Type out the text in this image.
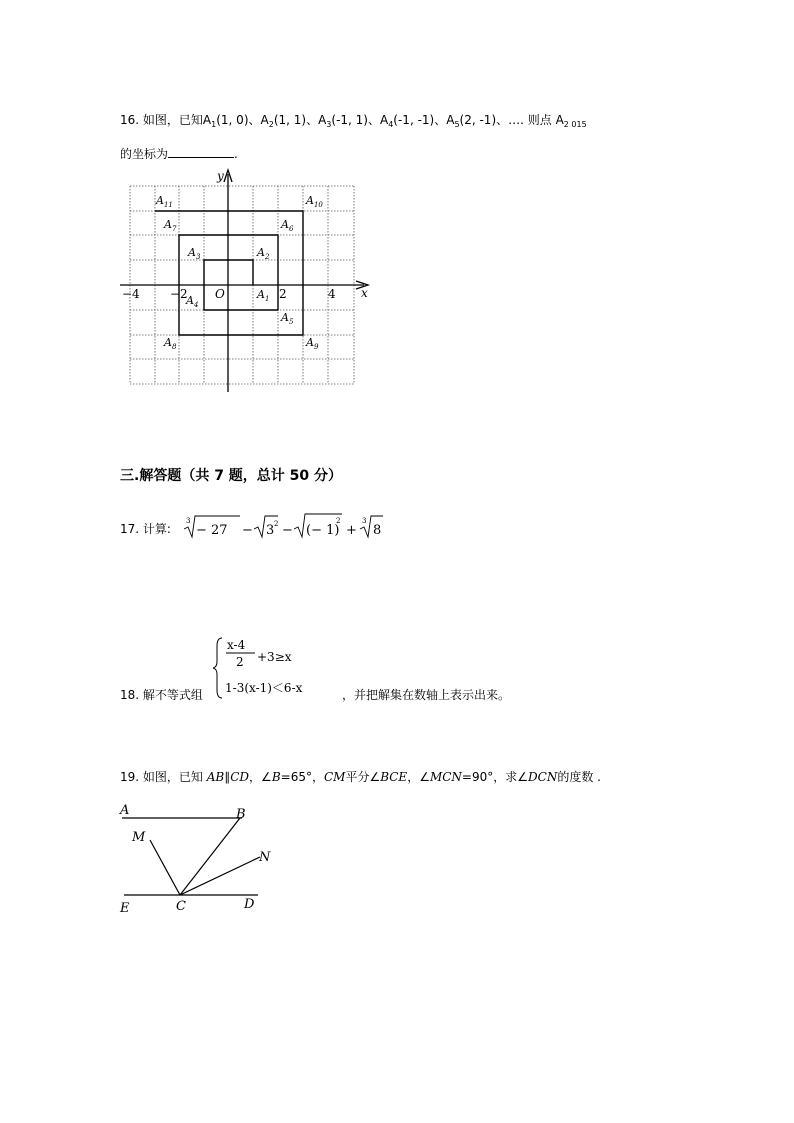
16. 如图，已知$A_1(1$, 0)、$A_2(1$, 1)、$A_3(-1$, 1)、$A_4(-1$, -1)、$A_5(2$, -1)、…. 则点 $A_{2 015}$
的坐标为	.
x
y
O
−4	−2	2	4
$A_1$
$A_2$
$A_3$
$A_4$
$A_5$
$A_6$
$A_7$
$A_8$	$A_9$
$A_{10}$
$A_{11}$
三.解答题（共 7 题，总计 50 分）
17. 计算:
3
− 27 − 3 2 − (− 1)
2
+
3
8
18. 解不等式组
x-4
2 +3≥x
1-3(x-1)＜6-x	，并把解集在数轴上表示出来。
19. 如图，已知 AB∥CD，∠B=65°，CM平分∠BCE，∠MCN=90°，求∠DCN的度数 .
A	B
M
N
E	C	D
